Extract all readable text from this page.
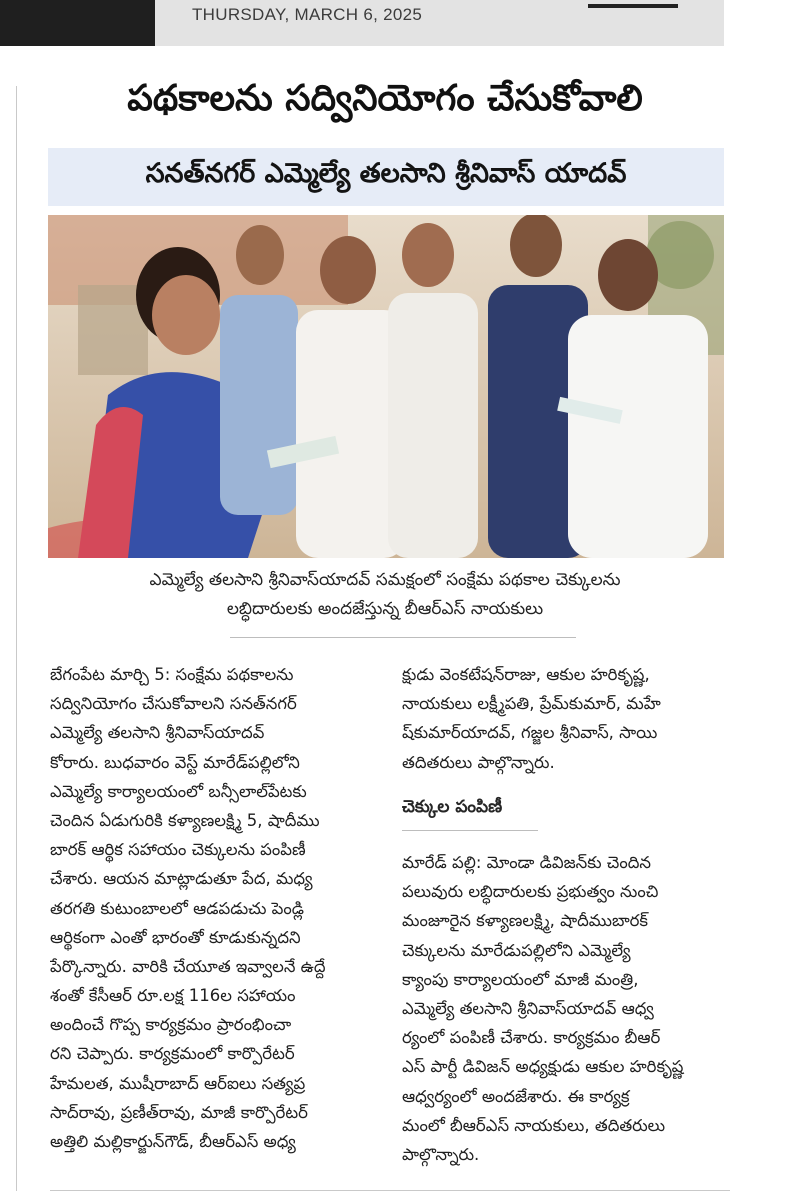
THURSDAY, MARCH 6, 2025
పథకాలను సద్వినియోగం చేసుకోవాలి
సనత్‌నగర్ ఎమ్మెల్యే తలసాని శ్రీనివాస్ యాదవ్
ఎమ్మెల్యే తలసాని శ్రీనివాస్‌యాదవ్ సమక్షంలో సంక్షేమ పథకాల చెక్కులను
లబ్ధిదారులకు అందజేస్తున్న బీఆర్ఎస్ నాయకులు
బేగంపేట మార్చి 5: సంక్షేమ పథకాలను
సద్వినియోగం చేసుకోవాలని సనత్‌నగర్
ఎమ్మెల్యే తలసాని శ్రీనివాస్‌యాదవ్
కోరారు. బుధవారం వెస్ట్ మారేడ్‌పల్లిలోని
ఎమ్మెల్యే కార్యాలయంలో బన్సీలాల్‌పేటకు
చెందిన ఏడుగురికి కళ్యాణలక్ష్మి 5, షాదీము
బారక్ ఆర్థిక సహాయం చెక్కులను పంపిణీ
చేశారు. ఆయన మాట్లాడుతూ పేద, మధ్య
తరగతి కుటుంబాలలో ఆడపడుచు పెండ్లి
ఆర్థికంగా ఎంతో భారంతో కూడుకున్నదని
పేర్కొన్నారు. వారికి చేయూత ఇవ్వాలనే ఉద్దే
శంతో కేసీఆర్ రూ.లక్ష 116ల సహాయం
అందించే గొప్ప కార్యక్రమం ప్రారంభించా
రని చెప్పారు. కార్యక్రమంలో కార్పొరేటర్
హేమలత, ముషీరాబాద్ ఆర్ఐలు సత్యప్ర
సాద్‌రావు, ప్రణీత్‌రావు, మాజీ కార్పొరేటర్
అత్తిలి మల్లికార్జున్‌గౌడ్, బీఆర్ఎస్ అధ్య
క్షుడు వెంకటేషన్‌రాజు, ఆకుల హరికృష్ణ,
నాయకులు లక్ష్మీపతి, ప్రేమ్‌కుమార్, మహే
ష్‌కుమార్‌యాదవ్, గజ్జల శ్రీనివాస్, సాయి
తదితరులు పాల్గొన్నారు.
చెక్కుల పంపిణీ
మారేడ్ పల్లి: మోండా డివిజన్‌కు చెందిన
పలువురు లబ్ధిదారులకు ప్రభుత్వం నుంచి
మంజూరైన కళ్యాణలక్ష్మి, షాదీముబారక్
చెక్కులను మారేడుపల్లిలోని ఎమ్మెల్యే
క్యాంపు కార్యాలయంలో మాజీ మంత్రి,
ఎమ్మెల్యే తలసాని శ్రీనివాస్‌యాదవ్ ఆధ్వ
ర్యంలో పంపిణీ చేశారు. కార్యక్రమం బీఆర్
ఎస్ పార్టీ డివిజన్ అధ్యక్షుడు ఆకుల హరికృష్ణ
ఆధ్వర్యంలో అందజేశారు. ఈ కార్యక్ర
మంలో బీఆర్ఎస్ నాయకులు, తదితరులు
పాల్గొన్నారు.
